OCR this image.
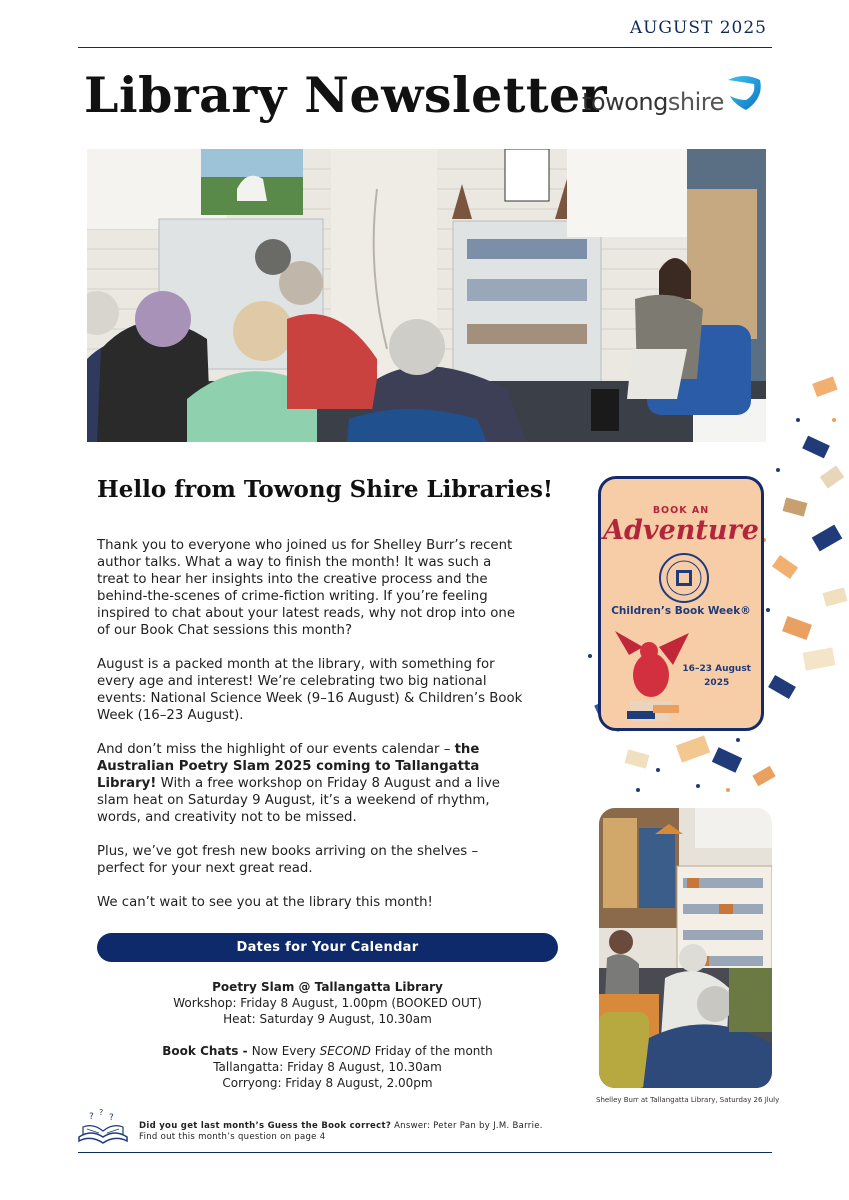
AUGUST 2025
Library Newsletter
towongshire
Hello from Towong Shire Libraries!

Thank you to everyone who joined us for Shelley Burr’s recent author talks. What a way to finish the month! It was such a treat to hear her insights into the creative process and the behind-the-scenes of crime-fiction writing. If you’re feeling inspired to chat about your latest reads, why not drop into one of our Book Chat sessions this month?

August is a packed month at the library, with something for every age and interest! We’re celebrating two big national events: National Science Week (9–16 August) & Children’s Book Week (16–23 August).

And don’t miss the highlight of our events calendar – the Australian Poetry Slam 2025 coming to Tallangatta Library! With a free workshop on Friday 8 August and a live slam heat on Saturday 9 August, it’s a weekend of rhythm, words, and creativity not to be missed.

Plus, we’ve got fresh new books arriving on the shelves – perfect for your next great read.

We can’t wait to see you at the library this month!

Dates for Your Calendar
Poetry Slam @ Tallangatta Library
Workshop: Friday 8 August, 1.00pm (BOOKED OUT)
Heat: Saturday 9 August, 10.30am
Book Chats - Now Every SECOND Friday of the month
Tallangatta: Friday 8 August, 10.30am
Corryong: Friday 8 August, 2.00pm
BOOK AN
Adventure
Children’s Book Week®
16–23 August
2025
Shelley Burr at Tallangatta Library, Saturday 26 Jluly
? ?
?
Did you get last month’s Guess the Book correct? Answer: Peter Pan by J.M. Barrie.
Find out this month’s question on page 4
